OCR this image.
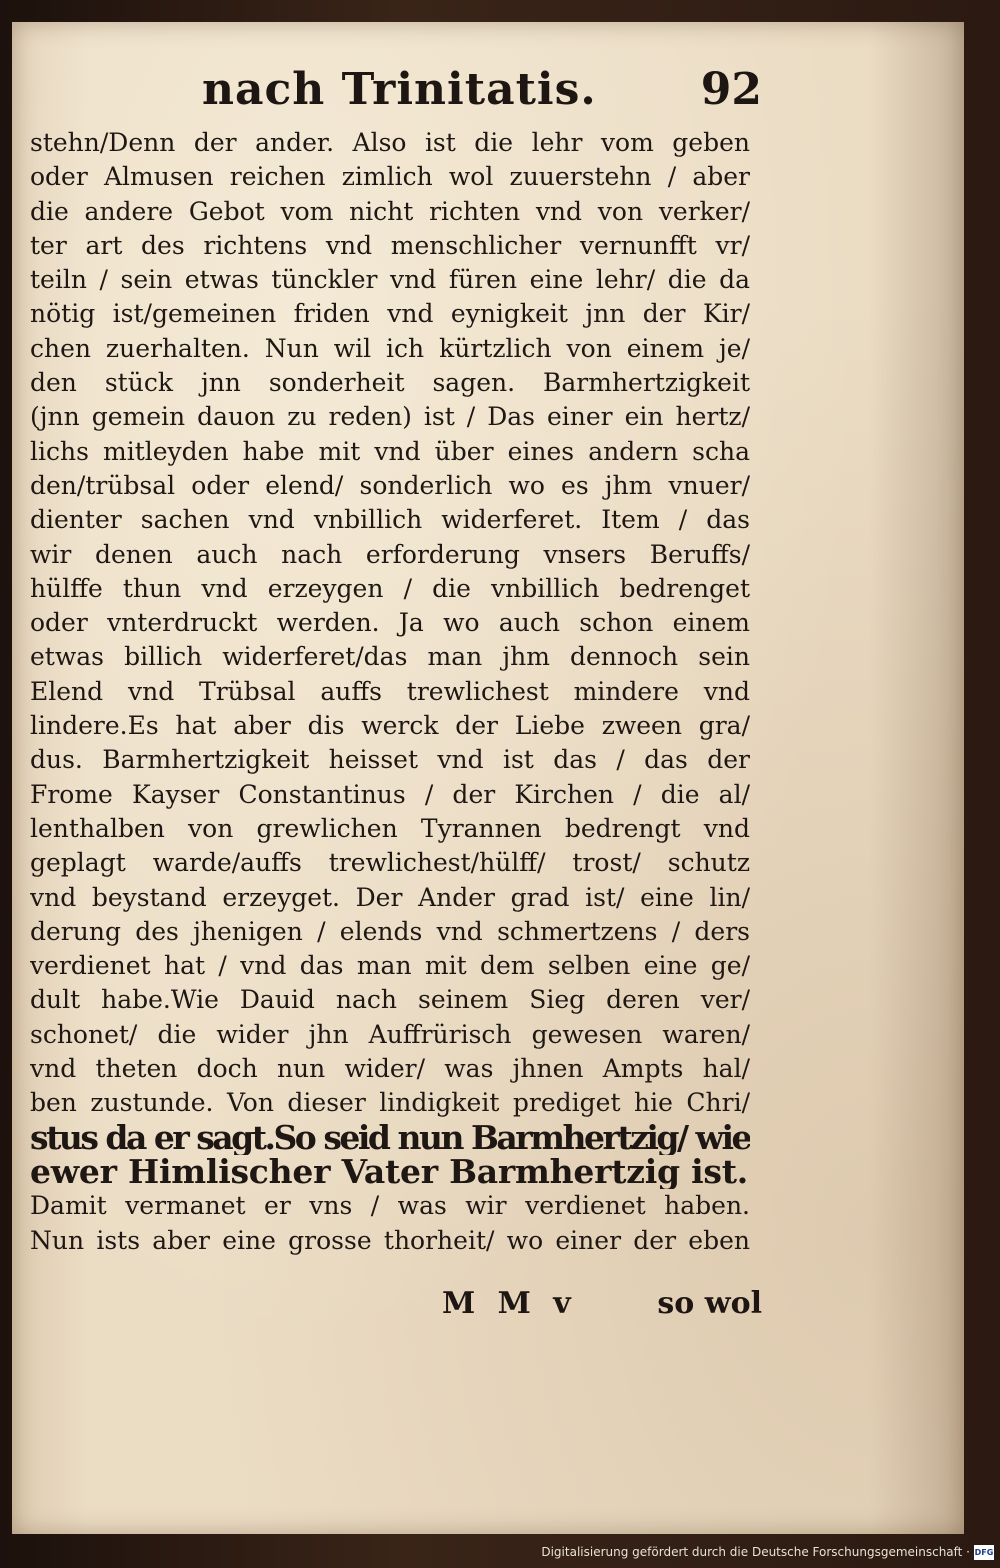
nach Trinitatis. 92
stehn/Denn der ander. Also ist die lehr vom geben
oder Almusen reichen zimlich wol zuuerstehn / aber
die andere Gebot vom nicht richten vnd von verker/
ter art des richtens vnd menschlicher vernunfft vr/
teiln / sein etwas tünckler vnd füren eine lehr/ die da
nötig ist/gemeinen friden vnd eynigkeit jnn der Kir/
chen zuerhalten. Nun wil ich kürtzlich von einem je/
den stück jnn sonderheit sagen. Barmhertzigkeit
(jnn gemein dauon zu reden) ist / Das einer ein hertz/
lichs mitleyden habe mit vnd über eines andern scha
den/trübsal oder elend/ sonderlich wo es jhm vnuer/
dienter sachen vnd vnbillich widerferet. Item / das
wir denen auch nach erforderung vnsers Beruffs/
hülffe thun vnd erzeygen / die vnbillich bedrenget
oder vnterdruckt werden. Ja wo auch schon einem
etwas billich widerferet/das man jhm dennoch sein
Elend vnd Trübsal auffs trewlichest mindere vnd
lindere.Es hat aber dis werck der Liebe zween gra/
dus. Barmhertzigkeit heisset vnd ist das / das der
Frome Kayser Constantinus / der Kirchen / die al/
lenthalben von grewlichen Tyrannen bedrengt vnd
geplagt warde/auffs trewlichest/hülff/ trost/ schutz
vnd beystand erzeyget. Der Ander grad ist/ eine lin/
derung des jhenigen / elends vnd schmertzens / ders
verdienet hat / vnd das man mit dem selben eine ge/
dult habe.Wie Dauid nach seinem Sieg deren ver/
schonet/ die wider jhn Auffrürisch gewesen waren/
vnd theten doch nun wider/ was jhnen Ampts hal/
ben zustunde. Von dieser lindigkeit prediget hie Chri/
stus da er sagt.So seid nun Barmhertzig/ wie
ewer Himlischer Vater Barmhertzig ist.
Damit vermanet er vns / was wir verdienet haben.
Nun ists aber eine grosse thorheit/ wo einer der eben
M M v	so wol
Digitalisierung gefördert durch die Deutsche Forschungsgemeinschaft · DFG
